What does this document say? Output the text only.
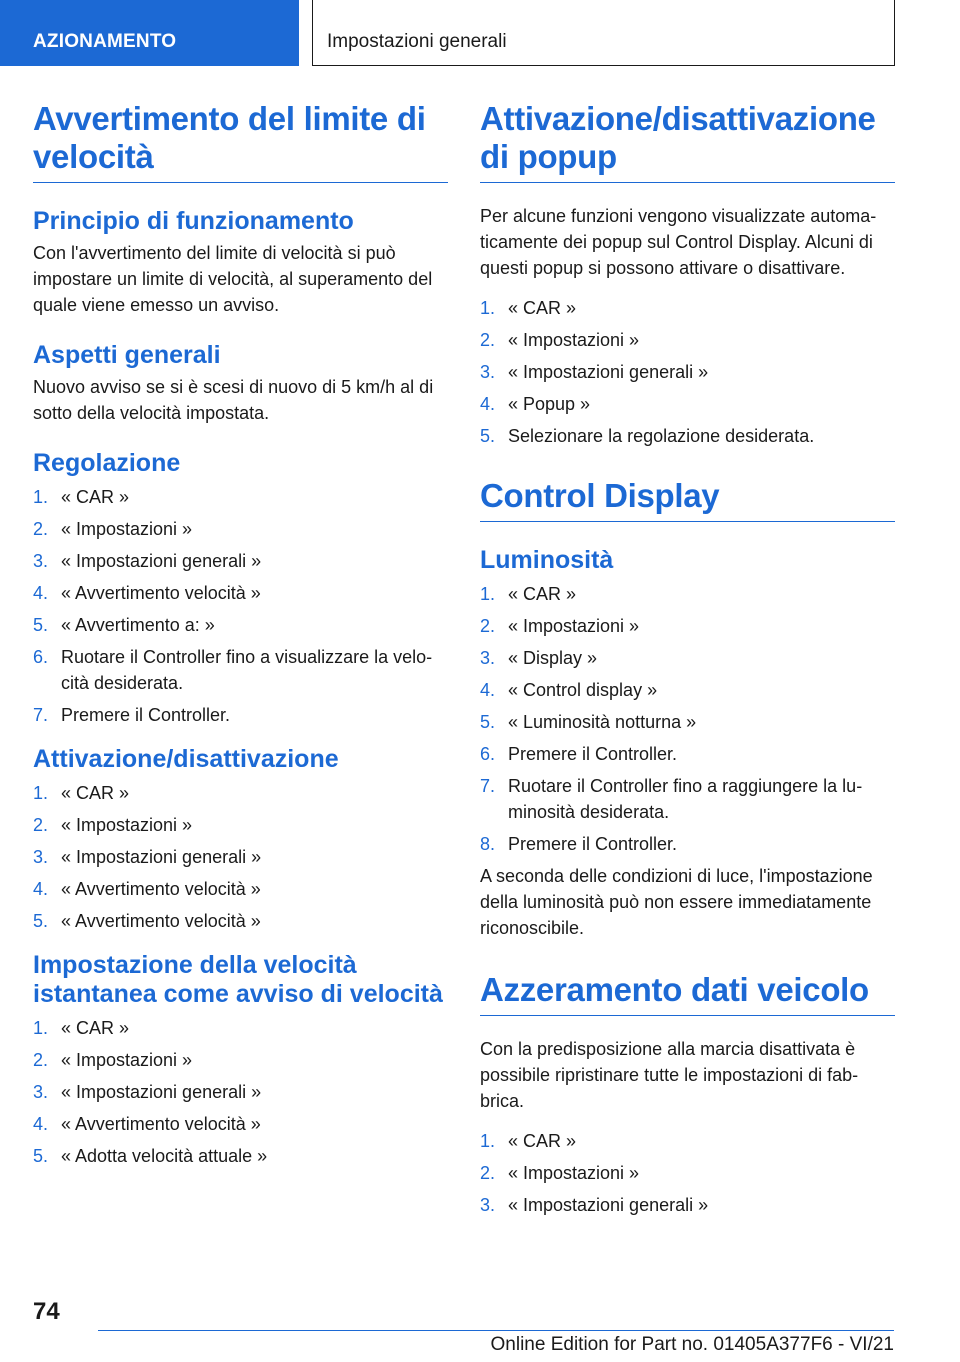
AZIONAMENTO	Impostazioni generali
Avvertimento del limite di velocità
Principio di funzionamento
Con l'avvertimento del limite di velocità si può impostare un limite di velocità, al superamento del quale viene emesso un avviso.
Aspetti generali
Nuovo avviso se si è scesi di nuovo di 5 km/h al di sotto della velocità impostata.
Regolazione
1. « CAR »
2. « Impostazioni »
3. « Impostazioni generali »
4. « Avvertimento velocità »
5. « Avvertimento a: »
6. Ruotare il Controller fino a visualizzare la velo‐cità desiderata.
7. Premere il Controller.
Attivazione/disattivazione
1. « CAR »
2. « Impostazioni »
3. « Impostazioni generali »
4. « Avvertimento velocità »
5. « Avvertimento velocità »
Impostazione della velocità istantanea come avviso di velocità
1. « CAR »
2. « Impostazioni »
3. « Impostazioni generali »
4. « Avvertimento velocità »
5. « Adotta velocità attuale »
Attivazione/disattivazione di popup
Per alcune funzioni vengono visualizzate automa‐ticamente dei popup sul Control Display. Alcuni di questi popup si possono attivare o disattivare.
1. « CAR »
2. « Impostazioni »
3. « Impostazioni generali »
4. « Popup »
5. Selezionare la regolazione desiderata.
Control Display
Luminosità
1. « CAR »
2. « Impostazioni »
3. « Display »
4. « Control display »
5. « Luminosità notturna »
6. Premere il Controller.
7. Ruotare il Controller fino a raggiungere la lu‐minosità desiderata.
8. Premere il Controller.
A seconda delle condizioni di luce, l'impostazione della luminosità può non essere immediatamente riconoscibile.
Azzeramento dati veicolo
Con la predisposizione alla marcia disattivata è possibile ripristinare tutte le impostazioni di fab‐brica.
1. « CAR »
2. « Impostazioni »
3. « Impostazioni generali »
74
Online Edition for Part no. 01405A377F6 - VI/21
